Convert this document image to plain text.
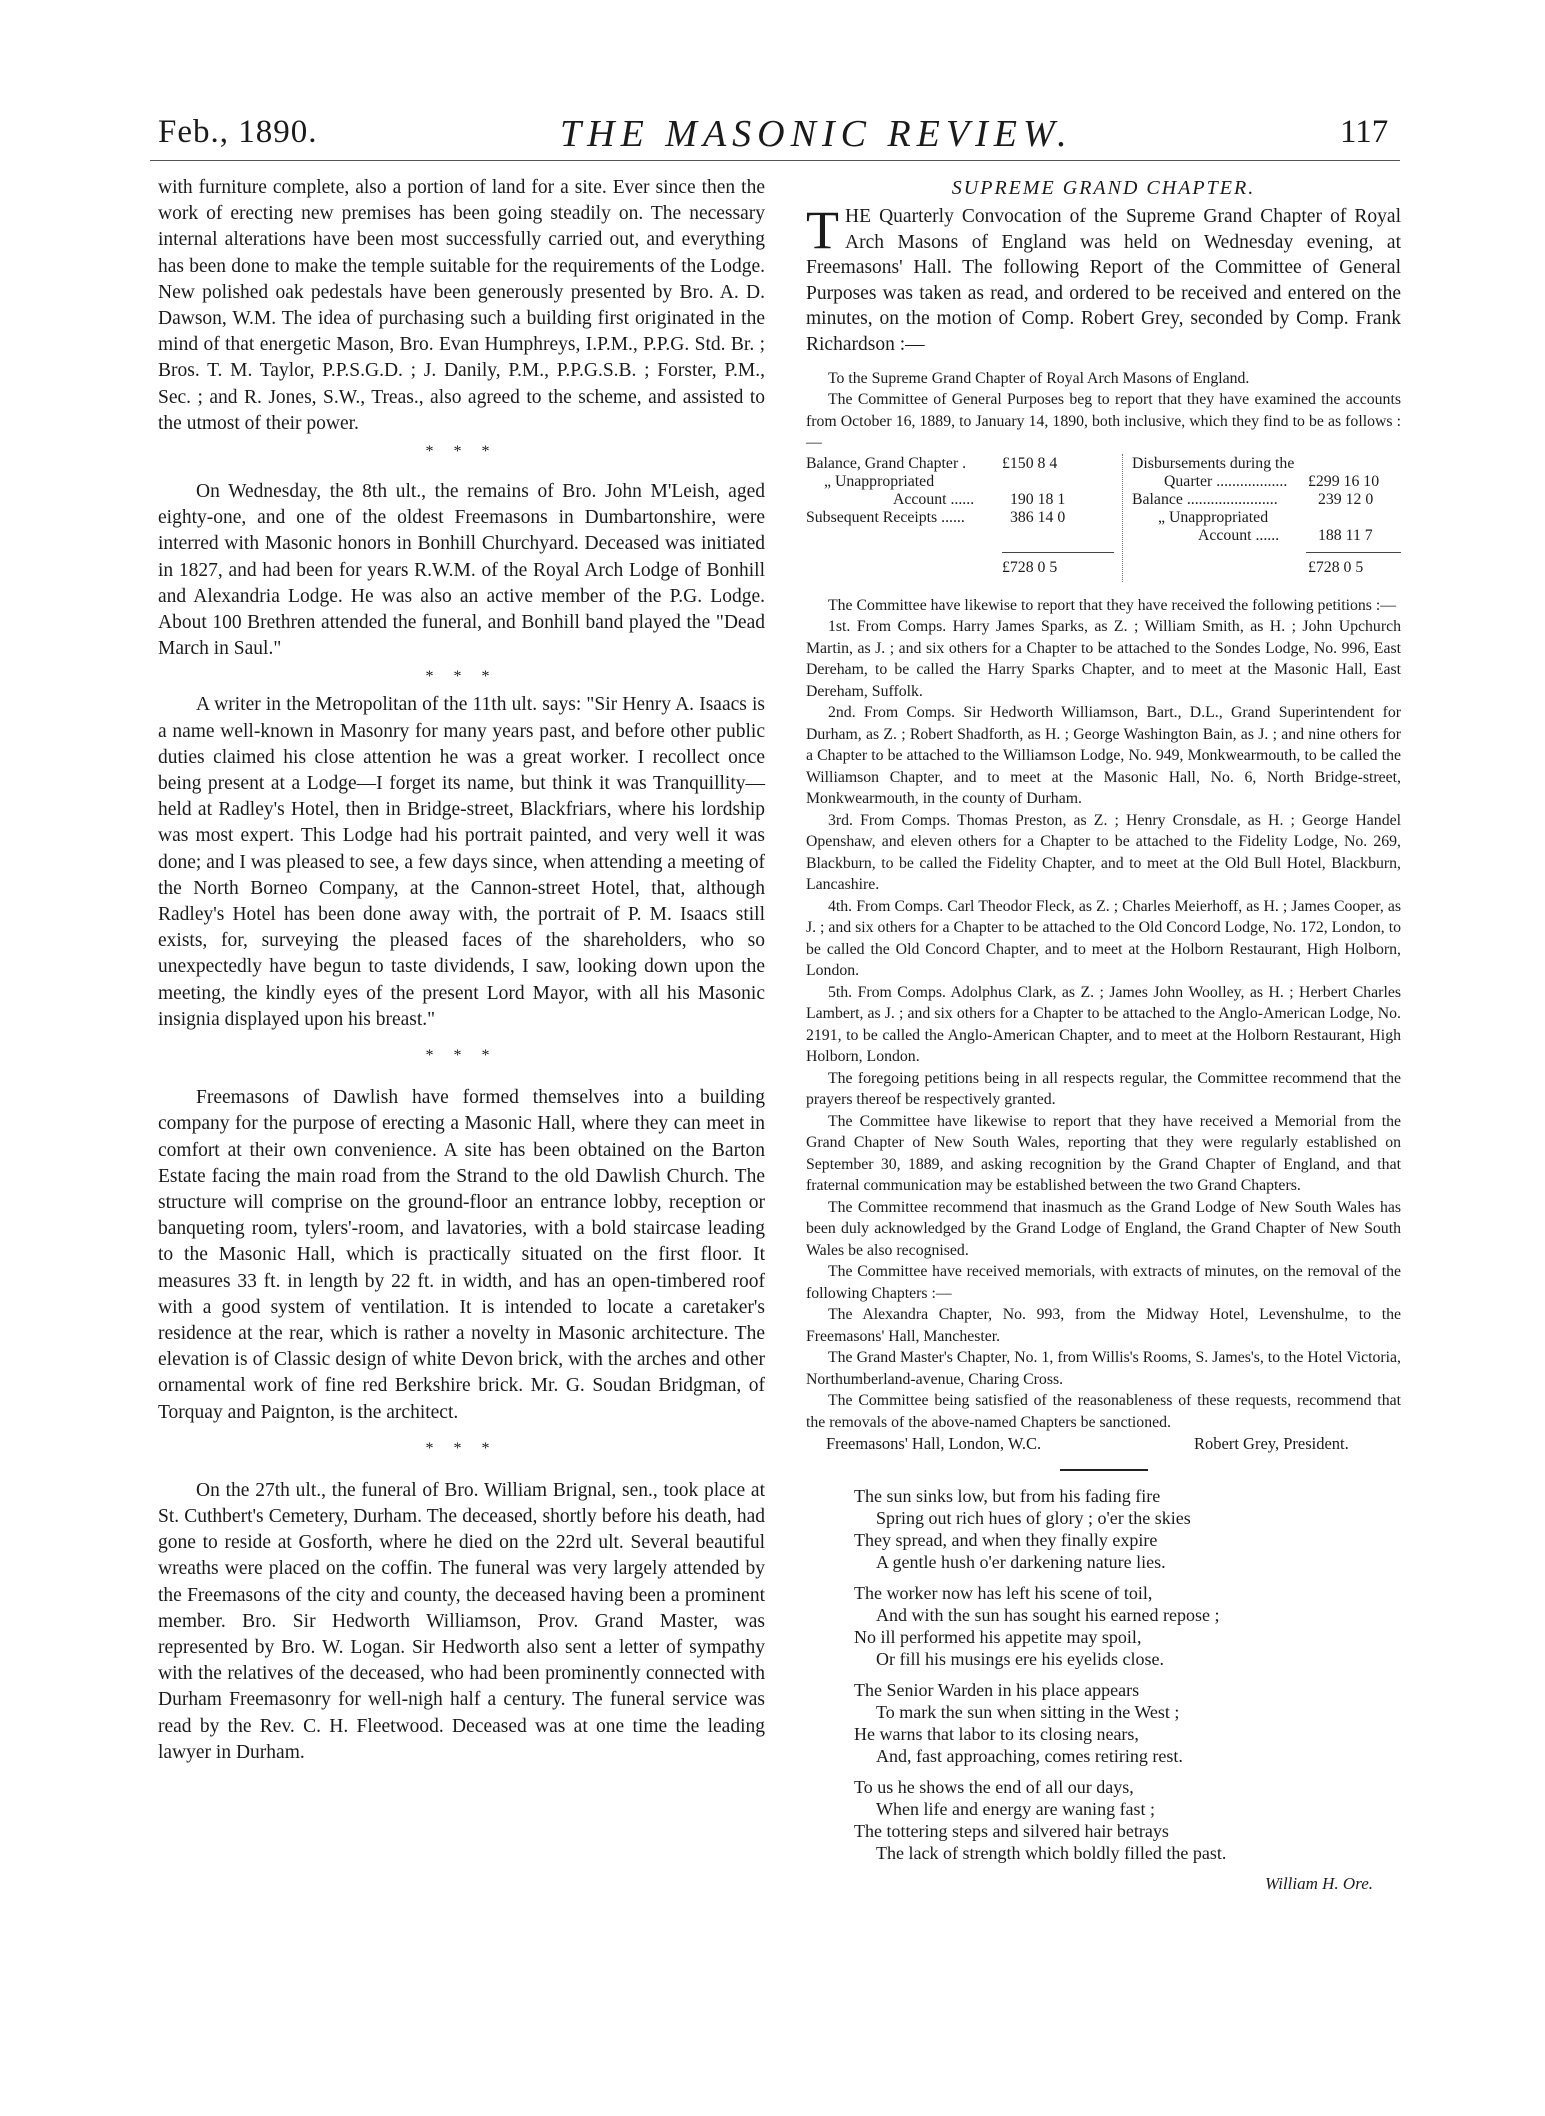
Feb., 1890.	THE MASONIC REVIEW.	117

with furniture complete, also a portion of land for a site. Ever since then the work of erecting new premises has been going steadily on. The necessary internal alterations have been most successfully carried out, and everything has been done to make the temple suitable for the requirements of the Lodge. New polished oak pedestals have been generously presented by Bro. A. D. Dawson, W.M. The idea of purchasing such a building first originated in the mind of that energetic Mason, Bro. Evan Humphreys, I.P.M., P.P.G. Std. Br. ; Bros. T. M. Taylor, P.P.S.G.D. ; J. Danily, P.M., P.P.G.S.B. ; Forster, P.M., Sec. ; and R. Jones, S.W., Treas., also agreed to the scheme, and assisted to the utmost of their power.

* * *

On Wednesday, the 8th ult., the remains of Bro. John M'Leish, aged eighty-one, and one of the oldest Freemasons in Dumbartonshire, were interred with Masonic honors in Bonhill Churchyard. Deceased was initiated in 1827, and had been for years R.W.M. of the Royal Arch Lodge of Bonhill and Alexandria Lodge. He was also an active member of the P.G. Lodge. About 100 Brethren attended the funeral, and Bonhill band played the "Dead March in Saul."

* * *

A writer in the Metropolitan of the 11th ult. says: "Sir Henry A. Isaacs is a name well-known in Masonry for many years past, and before other public duties claimed his close attention he was a great worker. I recollect once being present at a Lodge—I forget its name, but think it was Tranquillity—held at Radley's Hotel, then in Bridge-street, Blackfriars, where his lordship was most expert. This Lodge had his portrait painted, and very well it was done; and I was pleased to see, a few days since, when attending a meeting of the North Borneo Company, at the Cannon-street Hotel, that, although Radley's Hotel has been done away with, the portrait of P. M. Isaacs still exists, for, surveying the pleased faces of the shareholders, who so unexpectedly have begun to taste dividends, I saw, looking down upon the meeting, the kindly eyes of the present Lord Mayor, with all his Masonic insignia displayed upon his breast."

* * *

Freemasons of Dawlish have formed themselves into a building company for the purpose of erecting a Masonic Hall, where they can meet in comfort at their own convenience. A site has been obtained on the Barton Estate facing the main road from the Strand to the old Dawlish Church. The structure will comprise on the ground-floor an entrance lobby, reception or banqueting room, tylers'-room, and lavatories, with a bold staircase leading to the Masonic Hall, which is practically situated on the first floor. It measures 33 ft. in length by 22 ft. in width, and has an open-timbered roof with a good system of ventilation. It is intended to locate a caretaker's residence at the rear, which is rather a novelty in Masonic architecture. The elevation is of Classic design of white Devon brick, with the arches and other ornamental work of fine red Berkshire brick. Mr. G. Soudan Bridgman, of Torquay and Paignton, is the architect.

* * *

On the 27th ult., the funeral of Bro. William Brignal, sen., took place at St. Cuthbert's Cemetery, Durham. The deceased, shortly before his death, had gone to reside at Gosforth, where he died on the 22rd ult. Several beautiful wreaths were placed on the coffin. The funeral was very largely attended by the Freemasons of the city and county, the deceased having been a prominent member. Bro. Sir Hedworth Williamson, Prov. Grand Master, was represented by Bro. W. Logan. Sir Hedworth also sent a letter of sympathy with the relatives of the deceased, who had been prominently connected with Durham Freemasonry for well-nigh half a century. The funeral service was read by the Rev. C. H. Fleetwood. Deceased was at one time the leading lawyer in Durham.

SUPREME GRAND CHAPTER.

THE Quarterly Convocation of the Supreme Grand Chapter of Royal Arch Masons of England was held on Wednesday evening, at Freemasons' Hall. The following Report of the Committee of General Purposes was taken as read, and ordered to be received and entered on the minutes, on the motion of Comp. Robert Grey, seconded by Comp. Frank Richardson :—

To the Supreme Grand Chapter of Royal Arch Masons of England.

The Committee of General Purposes beg to report that they have examined the accounts from October 16, 1889, to January 14, 1890, both inclusive, which they find to be as follows :—

Balance, Grand Chapter . £150 8 4
„ Unappropriated
Account ...... 190 18 1
Subsequent Receipts ......	386 14 0
£728 0 5
Disbursements during the
Quarter .................. £299 16 10
Balance .......................	239 12 0
„ Unappropriated
Account ...... 188 11 7
£728 0 5

The Committee have likewise to report that they have received the following petitions :—

1st. From Comps. Harry James Sparks, as Z. ; William Smith, as H. ; John Upchurch Martin, as J. ; and six others for a Chapter to be attached to the Sondes Lodge, No. 996, East Dereham, to be called the Harry Sparks Chapter, and to meet at the Masonic Hall, East Dereham, Suffolk.

2nd. From Comps. Sir Hedworth Williamson, Bart., D.L., Grand Superintendent for Durham, as Z. ; Robert Shadforth, as H. ; George Washington Bain, as J. ; and nine others for a Chapter to be attached to the Williamson Lodge, No. 949, Monkwearmouth, to be called the Williamson Chapter, and to meet at the Masonic Hall, No. 6, North Bridge-street, Monkwearmouth, in the county of Durham.

3rd. From Comps. Thomas Preston, as Z. ; Henry Cronsdale, as H. ; George Handel Openshaw, and eleven others for a Chapter to be attached to the Fidelity Lodge, No. 269, Blackburn, to be called the Fidelity Chapter, and to meet at the Old Bull Hotel, Blackburn, Lancashire.

4th. From Comps. Carl Theodor Fleck, as Z. ; Charles Meierhoff, as H. ; James Cooper, as J. ; and six others for a Chapter to be attached to the Old Concord Lodge, No. 172, London, to be called the Old Concord Chapter, and to meet at the Holborn Restaurant, High Holborn, London.

5th. From Comps. Adolphus Clark, as Z. ; James John Woolley, as H. ; Herbert Charles Lambert, as J. ; and six others for a Chapter to be attached to the Anglo-American Lodge, No. 2191, to be called the Anglo-American Chapter, and to meet at the Holborn Restaurant, High Holborn, London.

The foregoing petitions being in all respects regular, the Committee recommend that the prayers thereof be respectively granted.

The Committee have likewise to report that they have received a Memorial from the Grand Chapter of New South Wales, reporting that they were regularly established on September 30, 1889, and asking recognition by the Grand Chapter of England, and that fraternal communication may be established between the two Grand Chapters.

The Committee recommend that inasmuch as the Grand Lodge of New South Wales has been duly acknowledged by the Grand Lodge of England, the Grand Chapter of New South Wales be also recognised.

The Committee have received memorials, with extracts of minutes, on the removal of the following Chapters :—

The Alexandra Chapter, No. 993, from the Midway Hotel, Levenshulme, to the Freemasons' Hall, Manchester.

The Grand Master's Chapter, No. 1, from Willis's Rooms, S. James's, to the Hotel Victoria, Northumberland-avenue, Charing Cross.

The Committee being satisfied of the reasonableness of these requests, recommend that the removals of the above-named Chapters be sanctioned.

Freemasons' Hall, London, W.C.	Robert Grey, President.
The sun sinks low, but from his fading fire
Spring out rich hues of glory ; o'er the skies
They spread, and when they finally expire
A gentle hush o'er darkening nature lies.
The worker now has left his scene of toil,
And with the sun has sought his earned repose ;
No ill performed his appetite may spoil,
Or fill his musings ere his eyelids close.
The Senior Warden in his place appears
To mark the sun when sitting in the West ;
He warns that labor to its closing nears,
And, fast approaching, comes retiring rest.
To us he shows the end of all our days,
When life and energy are waning fast ;
The tottering steps and silvered hair betrays
The lack of strength which boldly filled the past.
William H. Ore.
